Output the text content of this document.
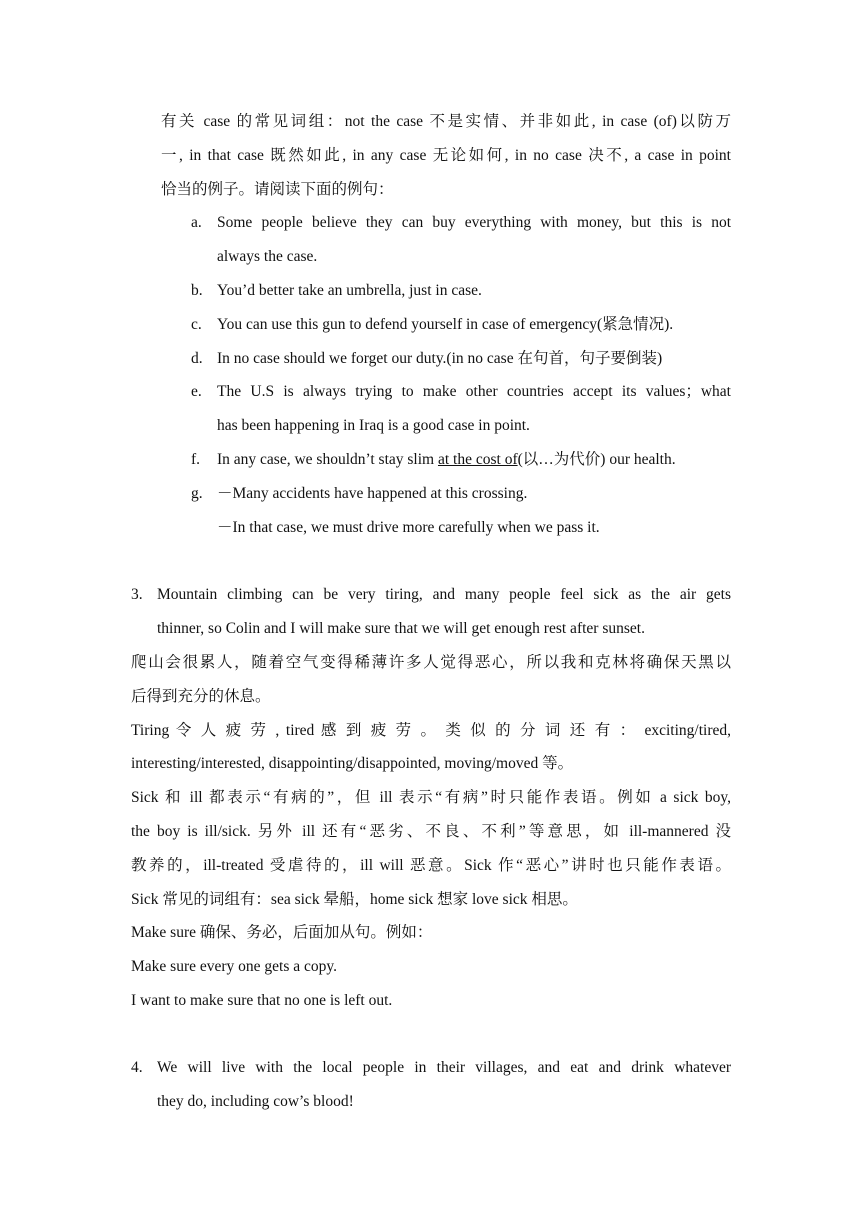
有关 case 的常见词组：not the case 不是实情、并非如此, in case (of)以防万
一, in that case 既然如此, in any case 无论如何, in no case 决不, a case in point
恰当的例子。请阅读下面的例句：
a. Some people believe they can buy everything with money, but this is not
always the case.
b. You’d better take an umbrella, just in case.
c. You can use this gun to defend yourself in case of emergency(紧急情况).
d. In no case should we forget our duty.(in no case 在句首，句子要倒装)
e. The U.S is always trying to make other countries accept its values；what
has been happening in Iraq is a good case in point.
f. In any case, we shouldn’t stay slim at the cost of(以…为代价) our health.
g. －Many accidents have happened at this crossing.
－In that case, we must drive more carefully when we pass it.
3. Mountain climbing can be very tiring, and many people feel sick as the air gets
thinner, so Colin and I will make sure that we will get enough rest after sunset.
爬山会很累人，随着空气变得稀薄许多人觉得恶心，所以我和克林将确保天黑以
后得到充分的休息。
Tiring 令 人 疲 劳 , tired 感 到 疲 劳 。 类 似 的 分 词 还 有 ： exciting/tired,
interesting/interested, disappointing/disappointed, moving/moved 等。
Sick 和 ill 都表示“有病的”，但 ill 表示“有病”时只能作表语。例如 a sick boy,
the boy is ill/sick. 另外 ill 还有“恶劣、不良、不利”等意思，如 ill-mannered 没
教养的，ill-treated 受虐待的，ill will 恶意。Sick 作“恶心”讲时也只能作表语。
Sick 常见的词组有：sea sick 晕船，home sick 想家 love sick 相思。
Make sure 确保、务必，后面加从句。例如：
Make sure every one gets a copy.
I want to make sure that no one is left out.
4. We will live with the local people in their villages, and eat and drink whatever
they do, including cow’s blood!
